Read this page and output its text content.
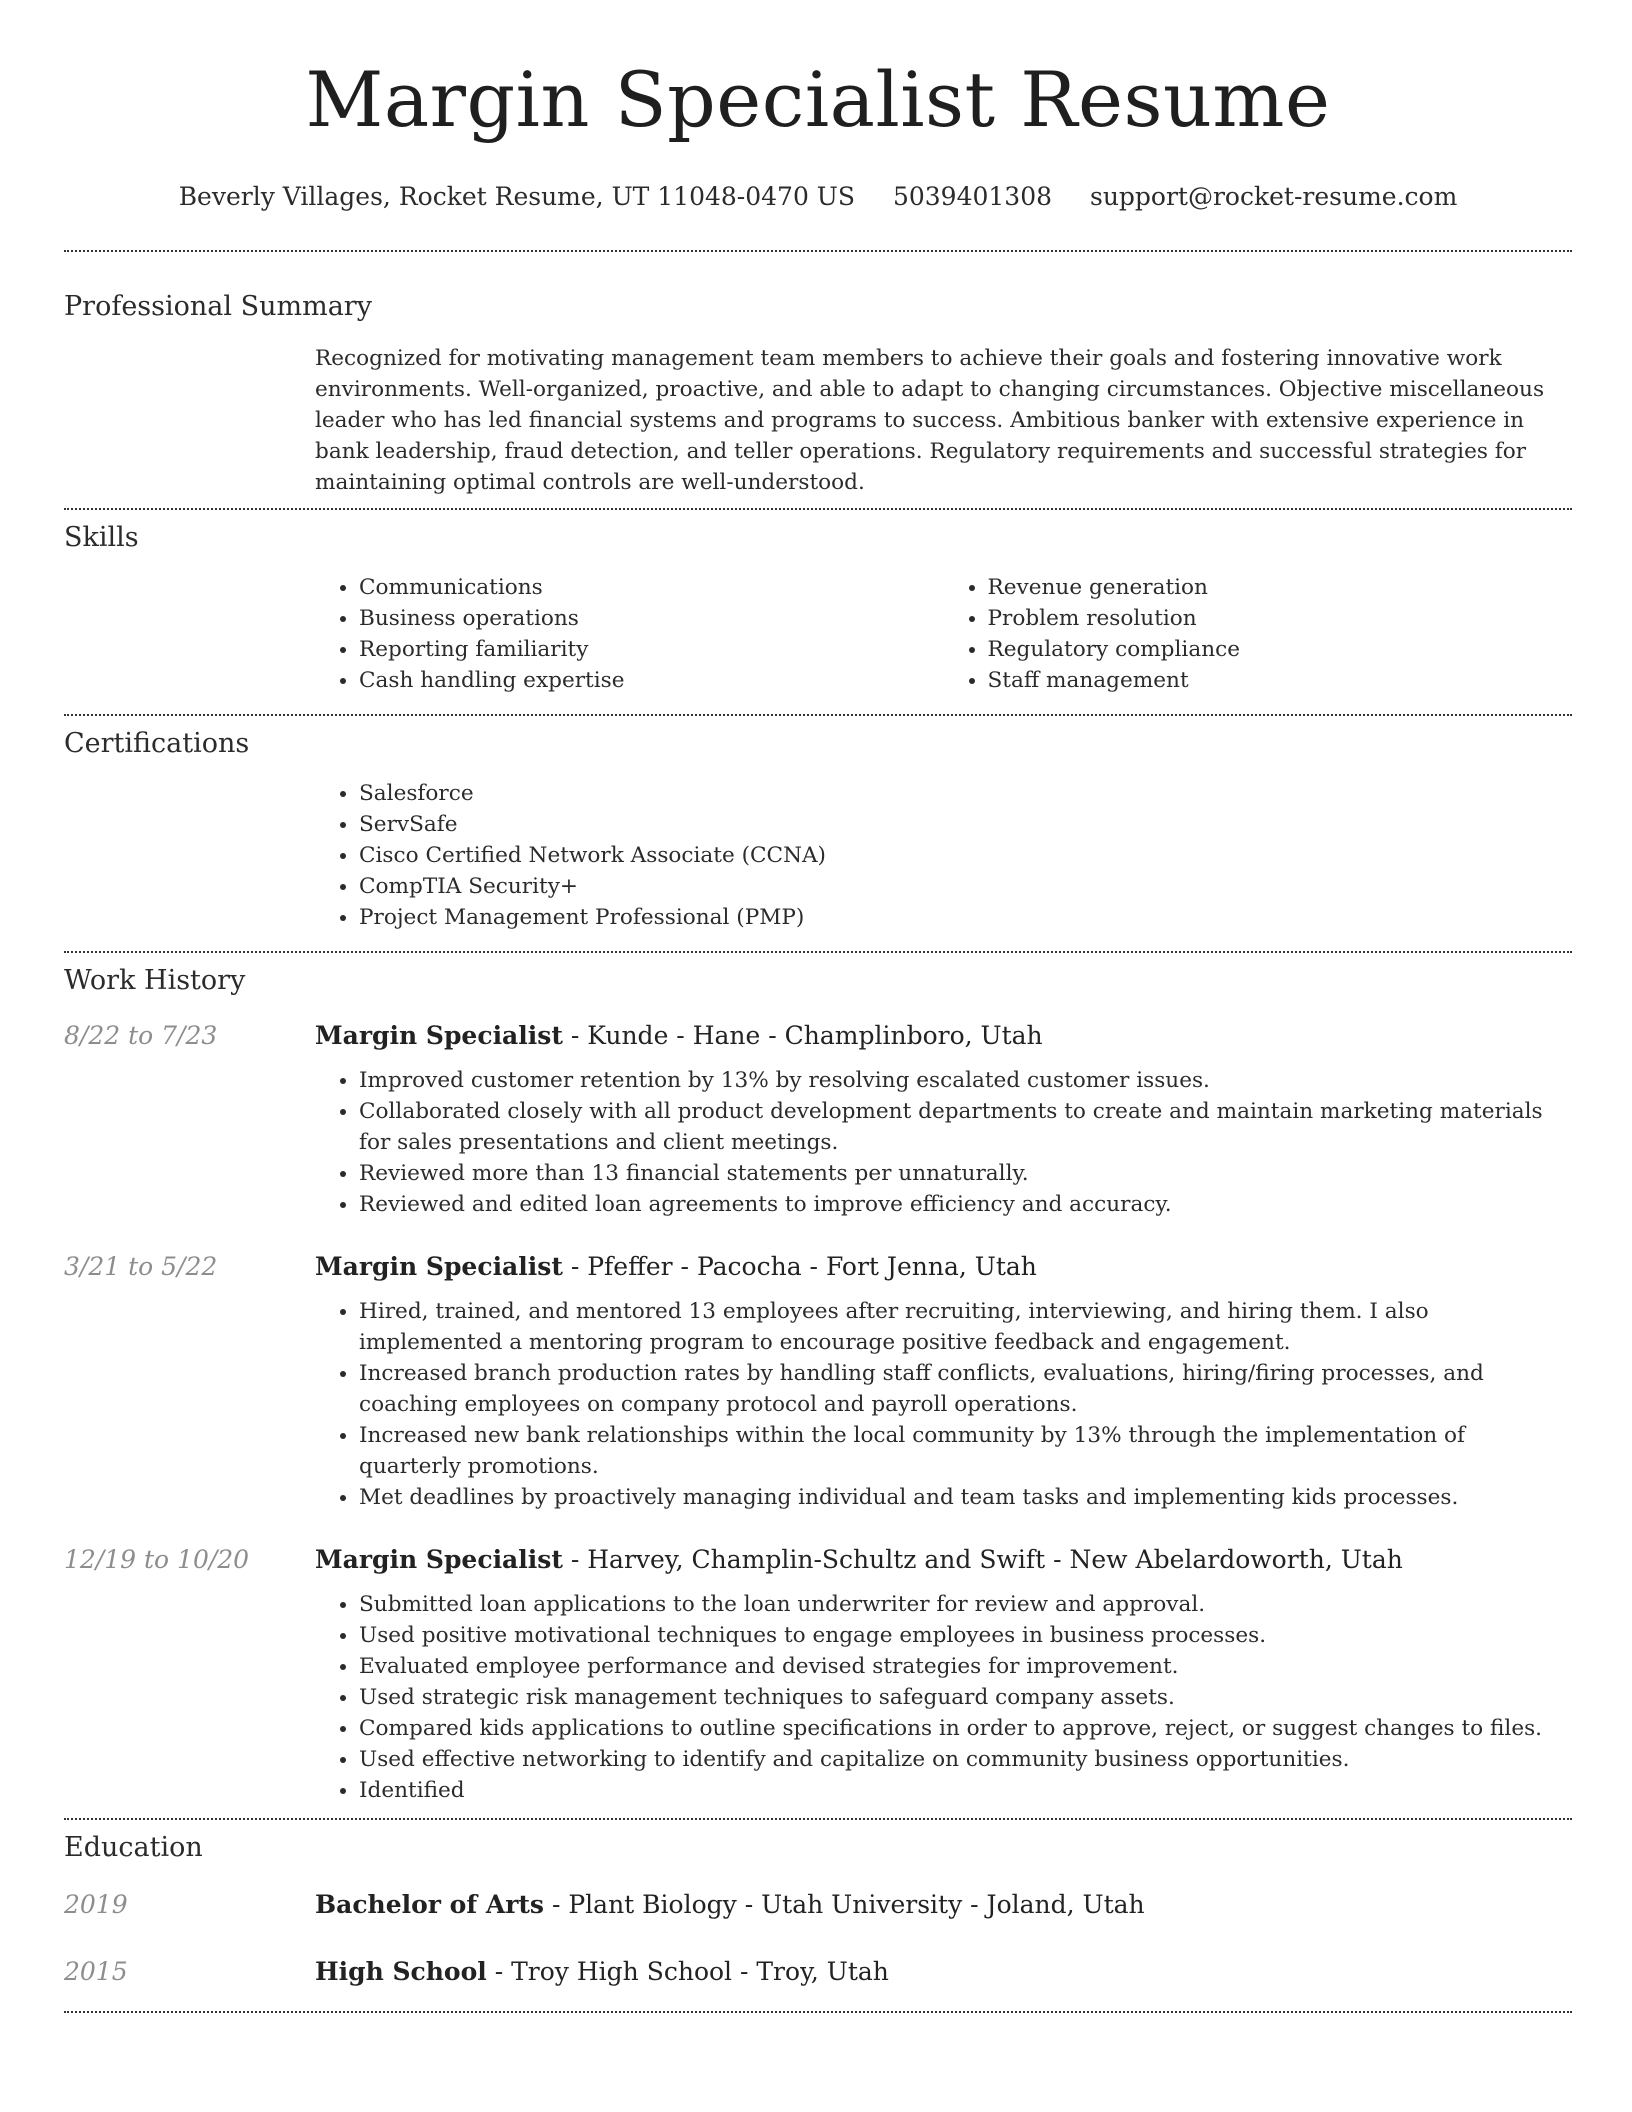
Margin Specialist Resume
Beverly Villages, Rocket Resume, UT 11048-0470 US 5039401308 support@rocket-resume.com
Professional Summary
Recognized for motivating management team members to achieve their goals and fostering innovative work environments. Well-organized, proactive, and able to adapt to changing circumstances. Objective miscellaneous leader who has led financial systems and programs to success. Ambitious banker with extensive experience in bank leadership, fraud detection, and teller operations. Regulatory requirements and successful strategies for maintaining optimal controls are well-understood.
Skills
• Communications
• Business operations
• Reporting familiarity
• Cash handling expertise
• Revenue generation
• Problem resolution
• Regulatory compliance
• Staff management
Certifications
• Salesforce
• ServSafe
• Cisco Certified Network Associate (CCNA)
• CompTIA Security+
• Project Management Professional (PMP)
Work History
8/22 to 7/23	Margin Specialist - Kunde - Hane - Champlinboro, Utah
• Improved customer retention by 13% by resolving escalated customer issues.
• Collaborated closely with all product development departments to create and maintain marketing materials for sales presentations and client meetings.
• Reviewed more than 13 financial statements per unnaturally.
• Reviewed and edited loan agreements to improve efficiency and accuracy.
3/21 to 5/22	Margin Specialist - Pfeffer - Pacocha - Fort Jenna, Utah
• Hired, trained, and mentored 13 employees after recruiting, interviewing, and hiring them. I also implemented a mentoring program to encourage positive feedback and engagement.
• Increased branch production rates by handling staff conflicts, evaluations, hiring/firing processes, and coaching employees on company protocol and payroll operations.
• Increased new bank relationships within the local community by 13% through the implementation of quarterly promotions.
• Met deadlines by proactively managing individual and team tasks and implementing kids processes.
12/19 to 10/20	Margin Specialist - Harvey, Champlin-Schultz and Swift - New Abelardoworth, Utah
• Submitted loan applications to the loan underwriter for review and approval.
• Used positive motivational techniques to engage employees in business processes.
• Evaluated employee performance and devised strategies for improvement.
• Used strategic risk management techniques to safeguard company assets.
• Compared kids applications to outline specifications in order to approve, reject, or suggest changes to files.
• Used effective networking to identify and capitalize on community business opportunities.
• Identified
Education
2019	Bachelor of Arts - Plant Biology - Utah University - Joland, Utah
2015	High School - Troy High School - Troy, Utah
